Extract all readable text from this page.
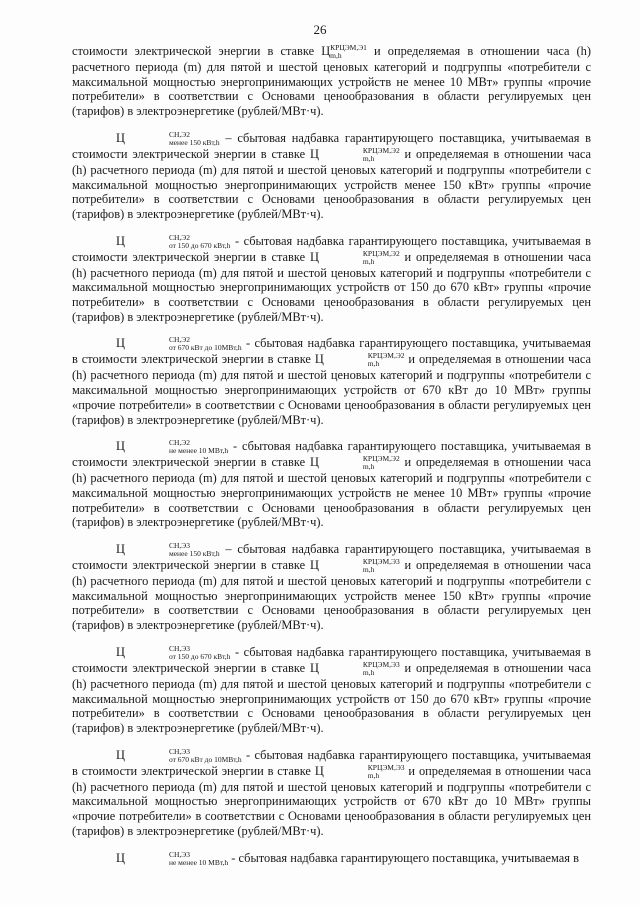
26

стоимости электрической энергии в ставке Ц КРЦЭМ,Э1
m,h	и определяемая в отношении часа (h) расчетного периода (m) для пятой и шестой ценовых категорий и подгруппы «потребители с максимальной мощностью энергопринимающих устройств не менее 10 МВт» группы «прочие потребители» в соответствии с Основами ценообразования в области регулируемых цен (тарифов) в электроэнергетике (рублей/МВт·ч).

Ц	СН,Э2
менее 150 кВт,h – сбытовая надбавка гарантирующего поставщика, учитываемая в стоимости электрической энергии в ставке Ц	КРЦЭМ,Э2
m,h	и определяемая в отношении часа (h) расчетного периода (m) для пятой и шестой ценовых категорий и подгруппы «потребители с максимальной мощностью энергопринимающих устройств менее 150 кВт» группы «прочие потребители» в соответствии с Основами ценообразования в области регулируемых цен (тарифов) в электроэнергетике (рублей/МВт·ч).

Ц	СН,Э2
от 150 до 670 кВт,h - сбытовая надбавка гарантирующего поставщика, учитываемая в стоимости электрической энергии в ставке Ц	КРЦЭМ,Э2
m,h	и определяемая в отношении часа (h) расчетного периода (m) для пятой и шестой ценовых категорий и подгруппы «потребители с максимальной мощностью энергопринимающих устройств от 150 до 670 кВт» группы «прочие потребители» в соответствии с Основами ценообразования в области регулируемых цен (тарифов) в электроэнергетике (рублей/МВт·ч).

Ц	СН,Э2
от 670 кВт до 10МВт,h - сбытовая надбавка гарантирующего поставщика, учитываемая в стоимости электрической энергии в ставке Ц	КРЦЭМ,Э2
m,h	и определяемая в отношении часа (h) расчетного периода (m) для пятой и шестой ценовых категорий и подгруппы «потребители с максимальной мощностью энергопринимающих устройств от 670 кВт до 10 МВт» группы «прочие потребители» в соответствии с Основами ценообразования в области регулируемых цен (тарифов) в электроэнергетике (рублей/МВт·ч).

Ц	СН,Э2
не менее 10 МВт,h - сбытовая надбавка гарантирующего поставщика, учитываемая в стоимости электрической энергии в ставке Ц	КРЦЭМ,Э2
m,h	и определяемая в отношении часа (h) расчетного периода (m) для пятой и шестой ценовых категорий и подгруппы «потребители с максимальной мощностью энергопринимающих устройств не менее 10 МВт» группы «прочие потребители» в соответствии с Основами ценообразования в области регулируемых цен (тарифов) в электроэнергетике (рублей/МВт·ч).

Ц	СН,Э3
менее 150 кВт,h – сбытовая надбавка гарантирующего поставщика, учитываемая в стоимости электрической энергии в ставке Ц	КРЦЭМ,Э3
m,h	и определяемая в отношении часа (h) расчетного периода (m) для пятой и шестой ценовых категорий и подгруппы «потребители с максимальной мощностью энергопринимающих устройств менее 150 кВт» группы «прочие потребители» в соответствии с Основами ценообразования в области регулируемых цен (тарифов) в электроэнергетике (рублей/МВт·ч).

Ц	СН,Э3
от 150 до 670 кВт,h - сбытовая надбавка гарантирующего поставщика, учитываемая в стоимости электрической энергии в ставке Ц	КРЦЭМ,Э3
m,h	и определяемая в отношении часа (h) расчетного периода (m) для пятой и шестой ценовых категорий и подгруппы «потребители с максимальной мощностью энергопринимающих устройств от 150 до 670 кВт» группы «прочие потребители» в соответствии с Основами ценообразования в области регулируемых цен (тарифов) в электроэнергетике (рублей/МВт·ч).

Ц	СН,Э3
от 670 кВт до 10МВт,h - сбытовая надбавка гарантирующего поставщика, учитываемая в стоимости электрической энергии в ставке Ц	КРЦЭМ,Э3
m,h	и определяемая в отношении часа (h) расчетного периода (m) для пятой и шестой ценовых категорий и подгруппы «потребители с максимальной мощностью энергопринимающих устройств от 670 кВт до 10 МВт» группы «прочие потребители» в соответствии с Основами ценообразования в области регулируемых цен (тарифов) в электроэнергетике (рублей/МВт·ч).

Ц	СН,Э3
не менее 10 МВт,h - сбытовая надбавка гарантирующего поставщика, учитываемая в
